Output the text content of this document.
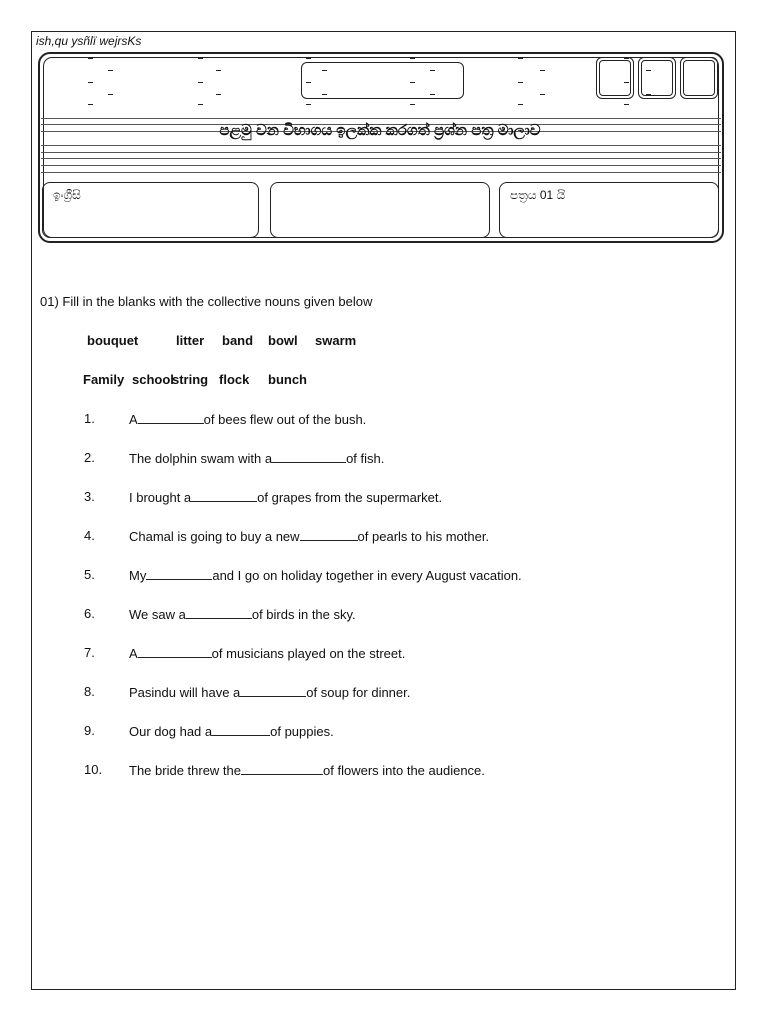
ish,qu ysñlï wejrsKs
පළමු වන විභාගය ඉලක්ක කරගත් ප්‍රශ්න පත්‍ර මාලාව
ඉංග්‍රීසි	පත්‍රය 01 යි
01) Fill in the blanks with the collective nouns given below
bouquet	litter band bowl swarm
Family school
string flock bunch
1.	A	of bees flew out of the bush.
2.	The dolphin swam with a	of fish.
3.	I brought a	of grapes from the supermarket.
4.	Chamal is going to buy a new	of pearls to his mother.
5.	My	and I go on holiday together in every August vacation.
6.	We saw a	of birds in the sky.
7.	A	of musicians played on the street.
8.	Pasindu will have a	of soup for dinner.
9.	Our dog had a	of puppies.
10. The bride threw the	of flowers into the audience.
